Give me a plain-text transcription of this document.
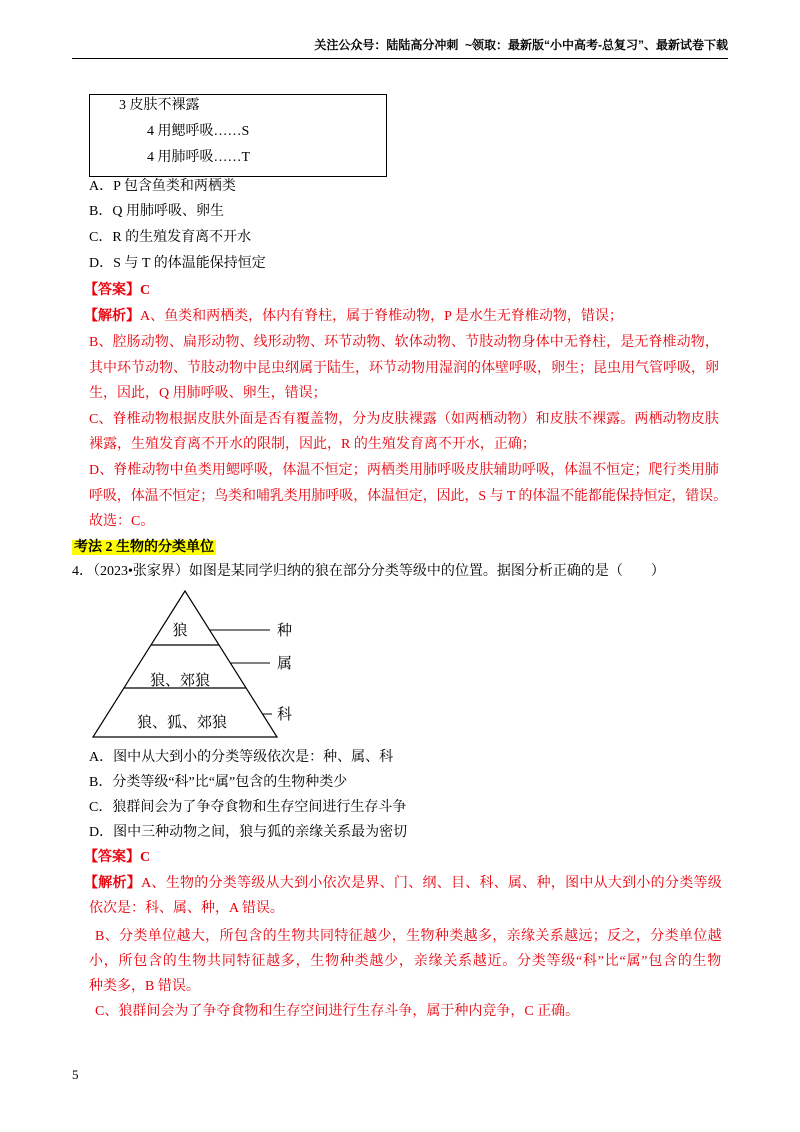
关注公众号：陆陆高分冲刺  ~领取：最新版“小中高考-总复习”、最新试卷下载
3 皮肤不裸露
4 用鳃呼吸……S
4 用肺呼吸……T
A．P 包含鱼类和两栖类
B．Q 用肺呼吸、卵生
C．R 的生殖发育离不开水
D．S 与 T 的体温能保持恒定
【答案】C
【解析】A、鱼类和两栖类，体内有脊柱，属于脊椎动物，P 是水生无脊椎动物，错误；
B、腔肠动物、扁形动物、线形动物、环节动物、软体动物、节肢动物身体中无脊柱，是无脊椎动物，
其中环节动物、节肢动物中昆虫纲属于陆生，环节动物用湿润的体壁呼吸，卵生；昆虫用气管呼吸，卵
生，因此，Q 用肺呼吸、卵生，错误；
C、脊椎动物根据皮肤外面是否有覆盖物，分为皮肤裸露（如两栖动物）和皮肤不裸露。两栖动物皮肤
裸露，生殖发育离不开水的限制，因此，R 的生殖发育离不开水，正确；
D、脊椎动物中鱼类用鳃呼吸，体温不恒定；两栖类用肺呼吸皮肤辅助呼吸，体温不恒定；爬行类用肺
呼吸，体温不恒定；鸟类和哺乳类用肺呼吸，体温恒定，因此，S 与 T 的体温不能都能保持恒定，错误。
故选：C。
考法 2 生物的分类单位
4．（2023•张家界）如图是某同学归纳的狼在部分分类等级中的位置。据图分析正确的是（　　）
狼
狼、郊狼
狼、狐、郊狼
种
属
科
A．图中从大到小的分类等级依次是：种、属、科
B．分类等级“科”比“属”包含的生物种类少
C．狼群间会为了争夺食物和生存空间进行生存斗争
D．图中三种动物之间，狼与狐的亲缘关系最为密切
【答案】C
【解析】A、生物的分类等级从大到小依次是界、门、纲、目、科、属、种，图中从大到小的分类等级
依次是：科、属、种，A 错误。
B、分类单位越大，所包含的生物共同特征越少，生物种类越多，亲缘关系越远；反之，分类单位越
小，所包含的生物共同特征越多，生物种类越少，亲缘关系越近。分类等级“科”比“属”包含的生物
种类多，B 错误。
C、狼群间会为了争夺食物和生存空间进行生存斗争，属于种内竞争，C 正确。
5
